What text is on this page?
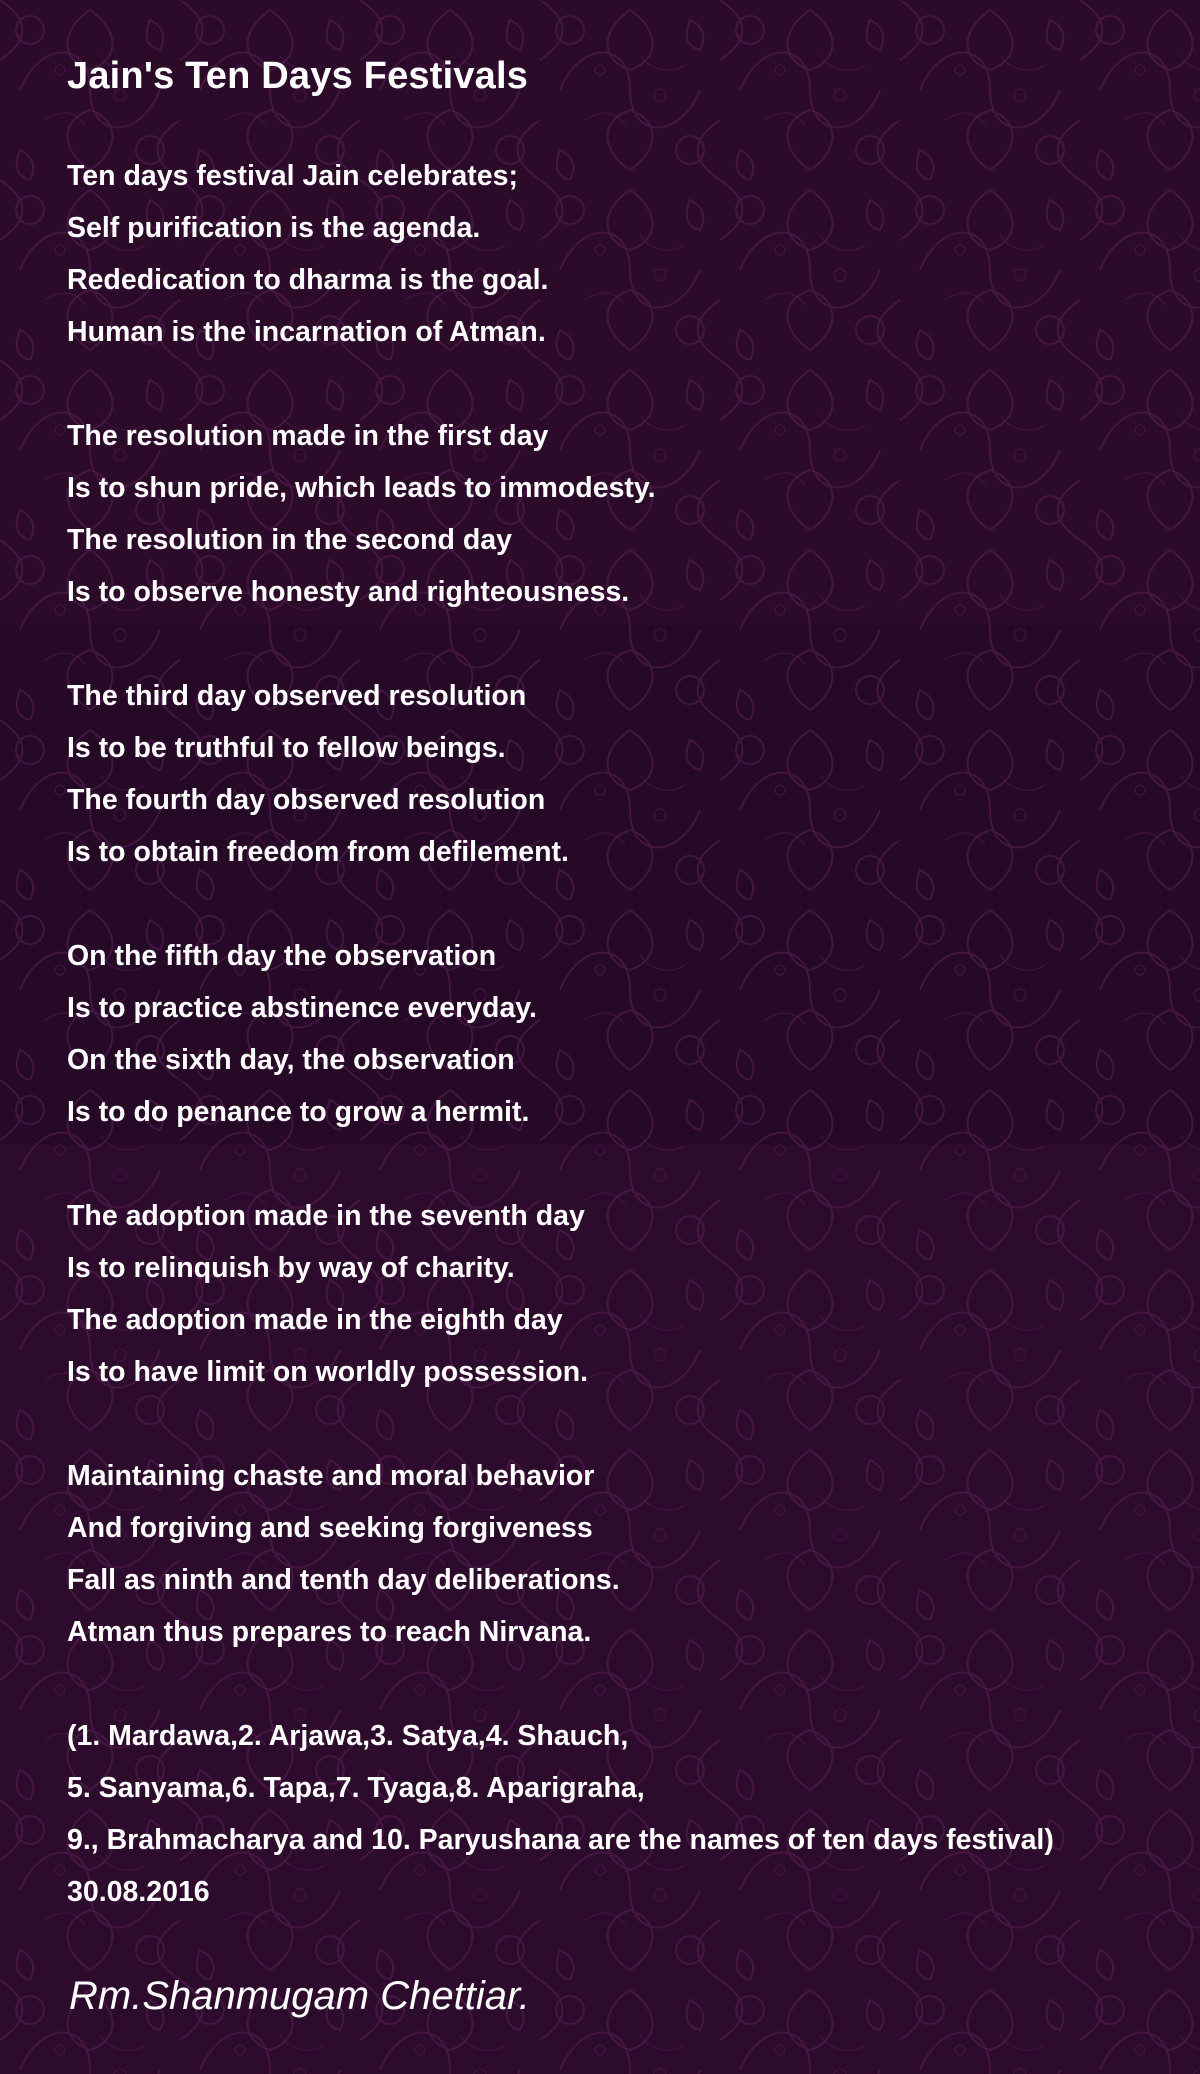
Jain's Ten Days Festivals
Ten days festival Jain celebrates;
Self purification is the agenda.
Rededication to dharma is the goal.
Human is the incarnation of Atman.
The resolution made in the first day
Is to shun pride, which leads to immodesty.
The resolution in the second day
Is to observe honesty and righteousness.
The third day observed resolution
Is to be truthful to fellow beings.
The fourth day observed resolution
Is to obtain freedom from defilement.
On the fifth day the observation
Is to practice abstinence everyday.
On the sixth day, the observation
Is to do penance to grow a hermit.
The adoption made in the seventh day
Is to relinquish by way of charity.
The adoption made in the eighth day
Is to have limit on worldly possession.
Maintaining chaste and moral behavior
And forgiving and seeking forgiveness
Fall as ninth and tenth day deliberations.
Atman thus prepares to reach Nirvana.
(1. Mardawa,2. Arjawa,3. Satya,4. Shauch,
5. Sanyama,6. Tapa,7. Tyaga,8. Aparigraha,
9., Brahmacharya and 10. Paryushana are the names of ten days festival)
30.08.2016
Rm.Shanmugam Chettiar.
